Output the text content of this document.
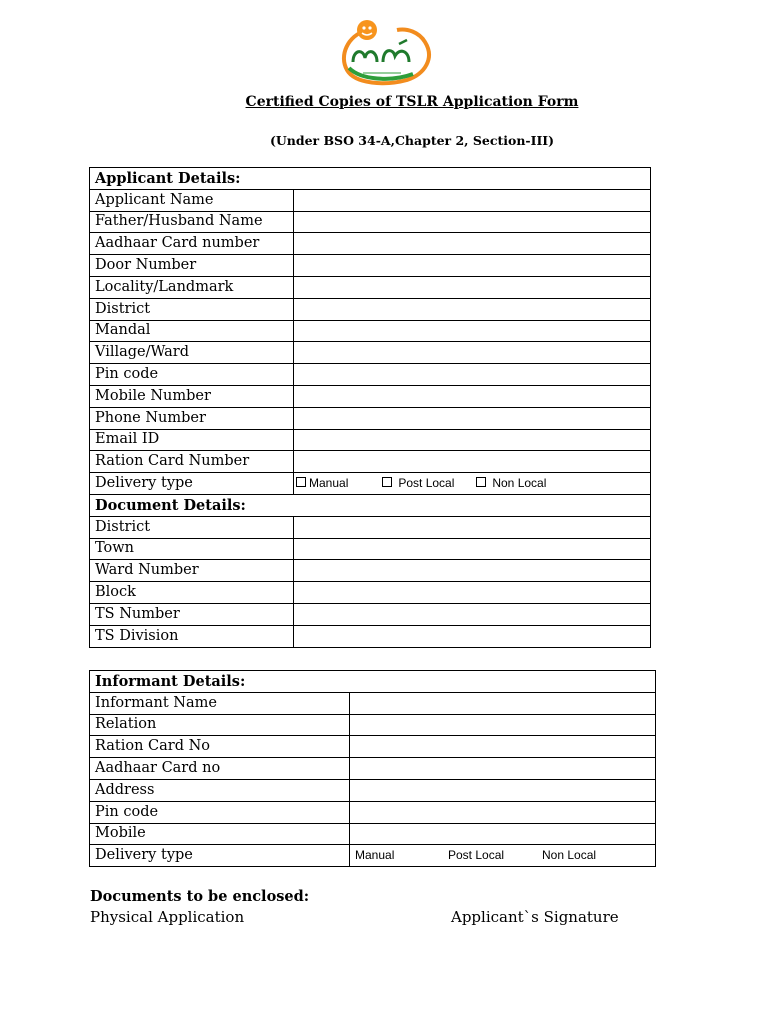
Certified Copies of TSLR Application Form
(Under BSO 34-A,Chapter 2, Section-III)
Applicant Details:	
Applicant Name	
Father/Husband Name	
Aadhaar Card number	
Door Number	
Locality/Landmark	
District	
Mandal	
Village/Ward	
Pin code	
Mobile Number	
Phone Number	
Email ID	
Ration Card Number	
Delivery type	Manual Post Local Non Local
Document Details:	
District	
Town	
Ward Number	
Block	
TS Number	
TS Division	
Informant Details:	
Informant Name	
Relation	
Ration Card No	
Aadhaar Card no	
Address	
Pin code	
Mobile	
Delivery type	Manual Post Local Non Local
Documents to be enclosed:
Physical Application	Applicant`s Signature
